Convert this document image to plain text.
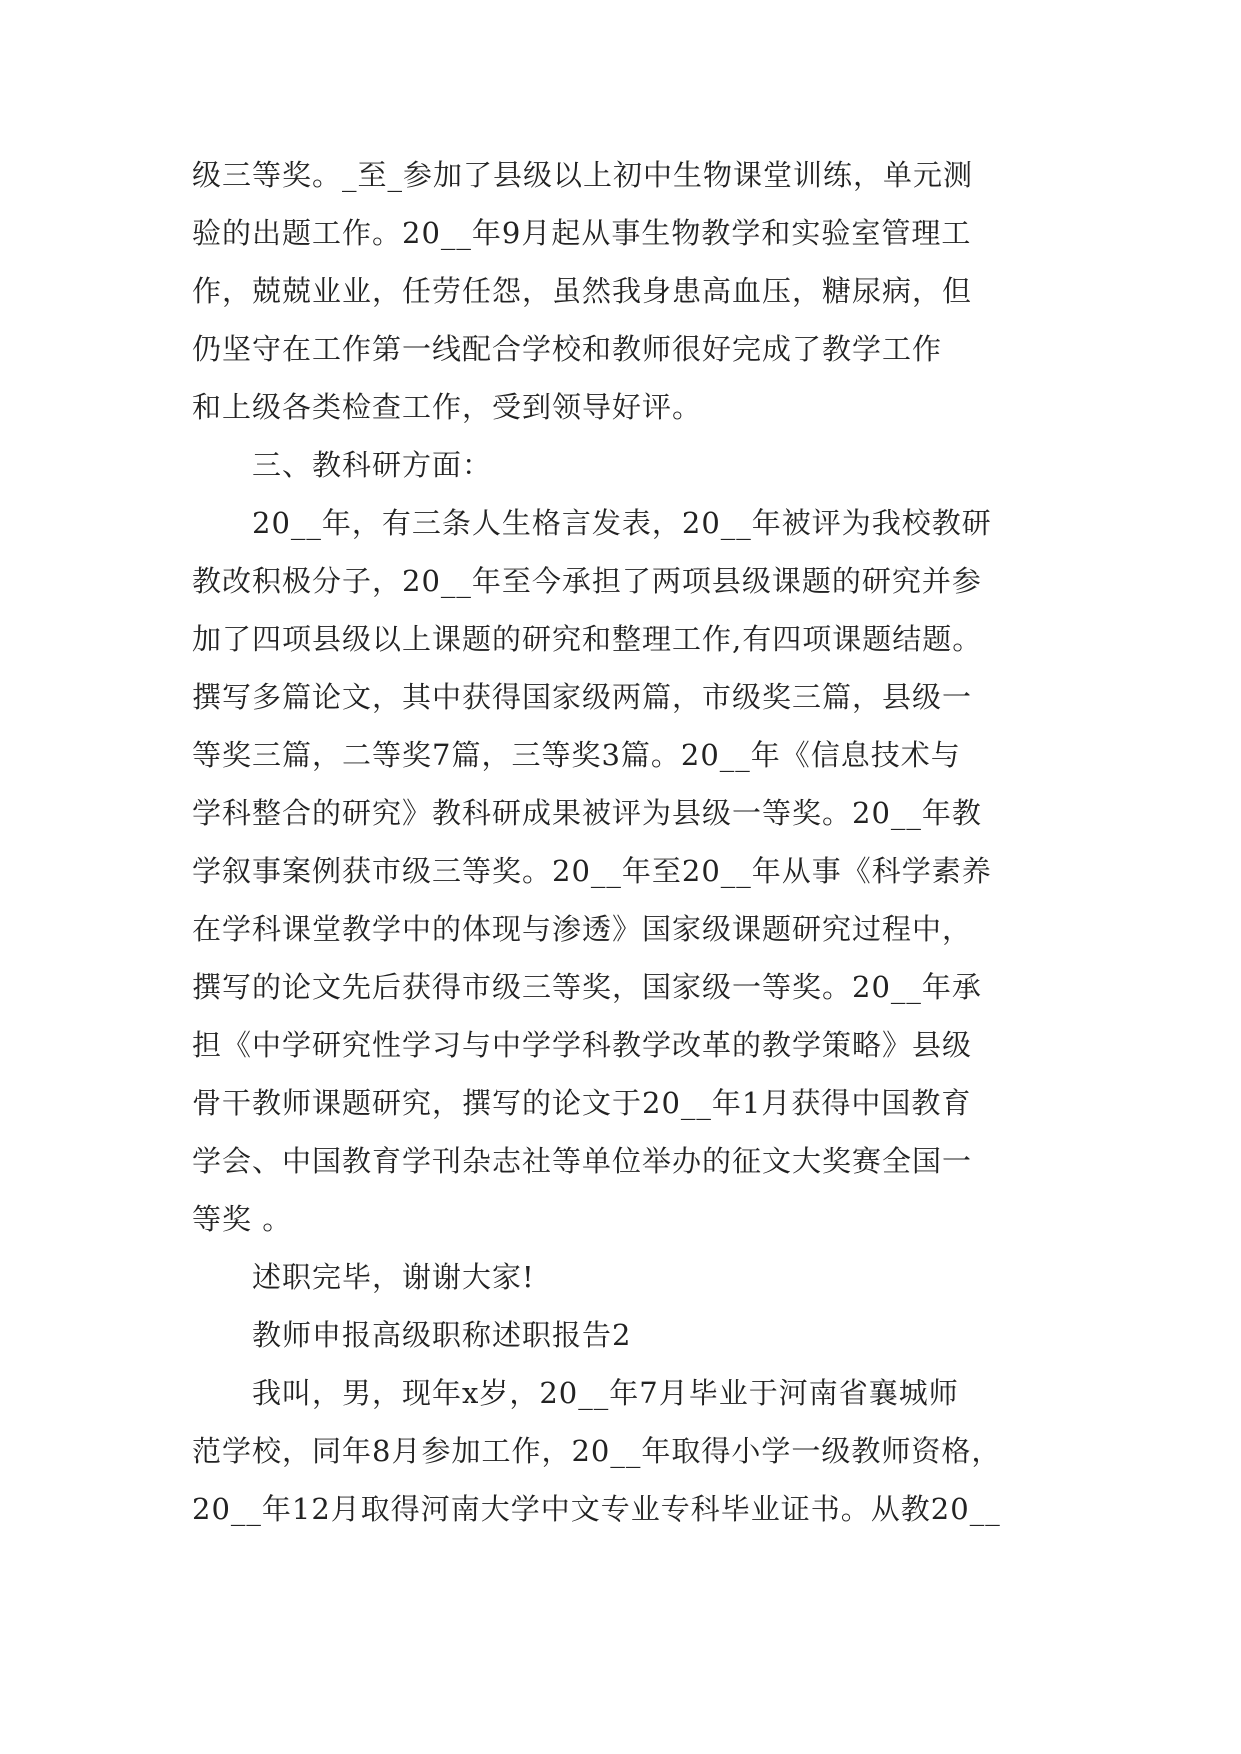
级三等奖。_至_参加了县级以上初中生物课堂训练，单元测
验的出题工作。20__年9月起从事生物教学和实验室管理工
作，兢兢业业，任劳任怨，虽然我身患高血压，糖尿病，但
仍坚守在工作第一线配合学校和教师很好完成了教学工作
和上级各类检查工作，受到领导好评。
三、教科研方面：
20__年，有三条人生格言发表，20__年被评为我校教研
教改积极分子，20__年至今承担了两项县级课题的研究并参
加了四项县级以上课题的研究和整理工作,有四项课题结题。
撰写多篇论文，其中获得国家级两篇，市级奖三篇，县级一
等奖三篇，二等奖7篇，三等奖3篇。20__年《信息技术与
学科整合的研究》教科研成果被评为县级一等奖。20__年教
学叙事案例获市级三等奖。20__年至20__年从事《科学素养
在学科课堂教学中的体现与渗透》国家级课题研究过程中，
撰写的论文先后获得市级三等奖，国家级一等奖。20__年承
担《中学研究性学习与中学学科教学改革的教学策略》县级
骨干教师课题研究，撰写的论文于20__年1月获得中国教育
学会、中国教育学刊杂志社等单位举办的征文大奖赛全国一
等奖 。
述职完毕，谢谢大家!
教师申报高级职称述职报告2
我叫，男，现年x岁，20__年7月毕业于河南省襄城师
范学校，同年8月参加工作，20__年取得小学一级教师资格，
20__年12月取得河南大学中文专业专科毕业证书。从教20__
